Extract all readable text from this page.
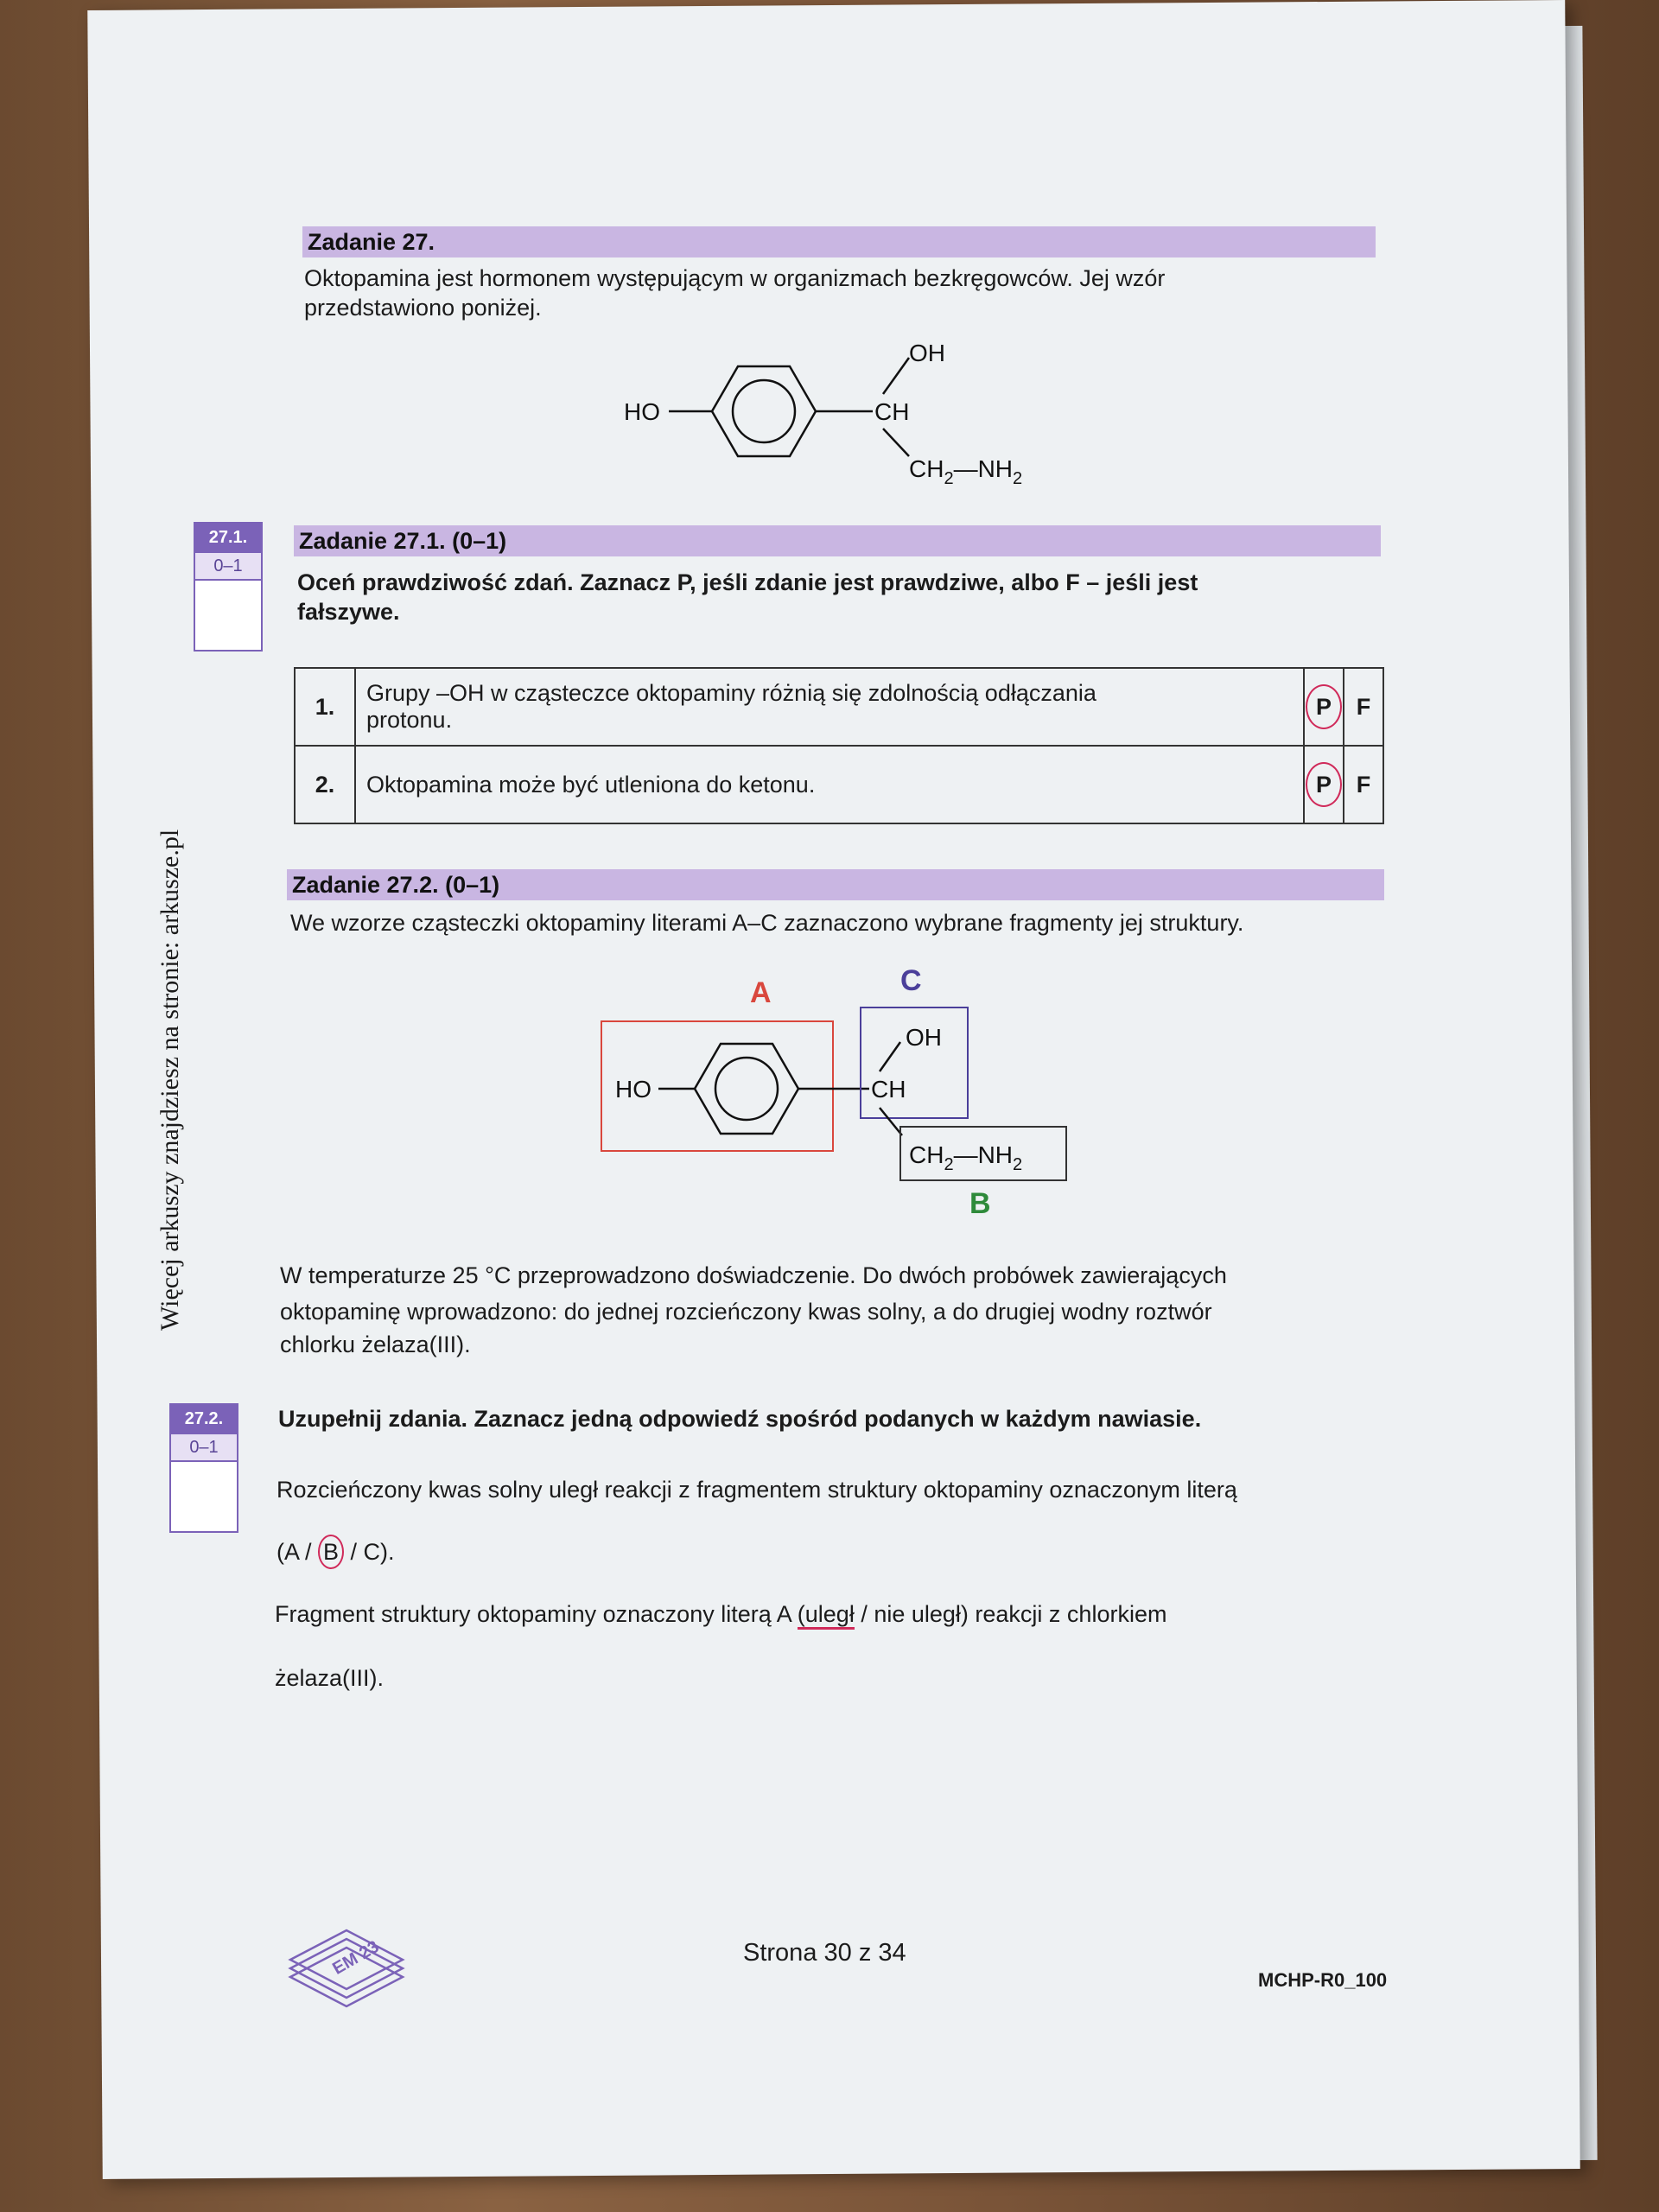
Więcej arkuszy znajdziesz na stronie: arkusze.pl
Zadanie 27.
Oktopamina jest hormonem występującym w organizmach bezkręgowców. Jej wzór
przedstawiono poniżej.
HO	CH
OH
$CH_2—NH_2$
27.1.
0–1
Zadanie 27.1. (0–1)
Oceń prawdziwość zdań. Zaznacz P, jeśli zdanie jest prawdziwe, albo F – jeśli jest
fałszywe.
1.	Grupy –OH w cząsteczce oktopaminy różnią się zdolnością odłączania
protonu.	P	F
2.	Oktopamina może być utleniona do ketonu.	P	F
Zadanie 27.2. (0–1)
We wzorze cząsteczki oktopaminy literami A–C zaznaczono wybrane fragmenty jej struktury.
A
HO
C
CH
OH
$CH_2—NH_2$
B
W temperaturze 25 °C przeprowadzono doświadczenie. Do dwóch probówek zawierających
oktopaminę wprowadzono: do jednej rozcieńczony kwas solny, a do drugiej wodny roztwór
chlorku żelaza(III).
27.2.
0–1
Uzupełnij zdania. Zaznacz jedną odpowiedź spośród podanych w każdym nawiasie.
Rozcieńczony kwas solny uległ reakcji z fragmentem struktury oktopaminy oznaczonym literą
(A / B / C).
Fragment struktury oktopaminy oznaczony literą A (uległ / nie uległ) reakcji z chlorkiem
żelaza(III).
EM 23	Strona 30 z 34
MCHP-R0_100
